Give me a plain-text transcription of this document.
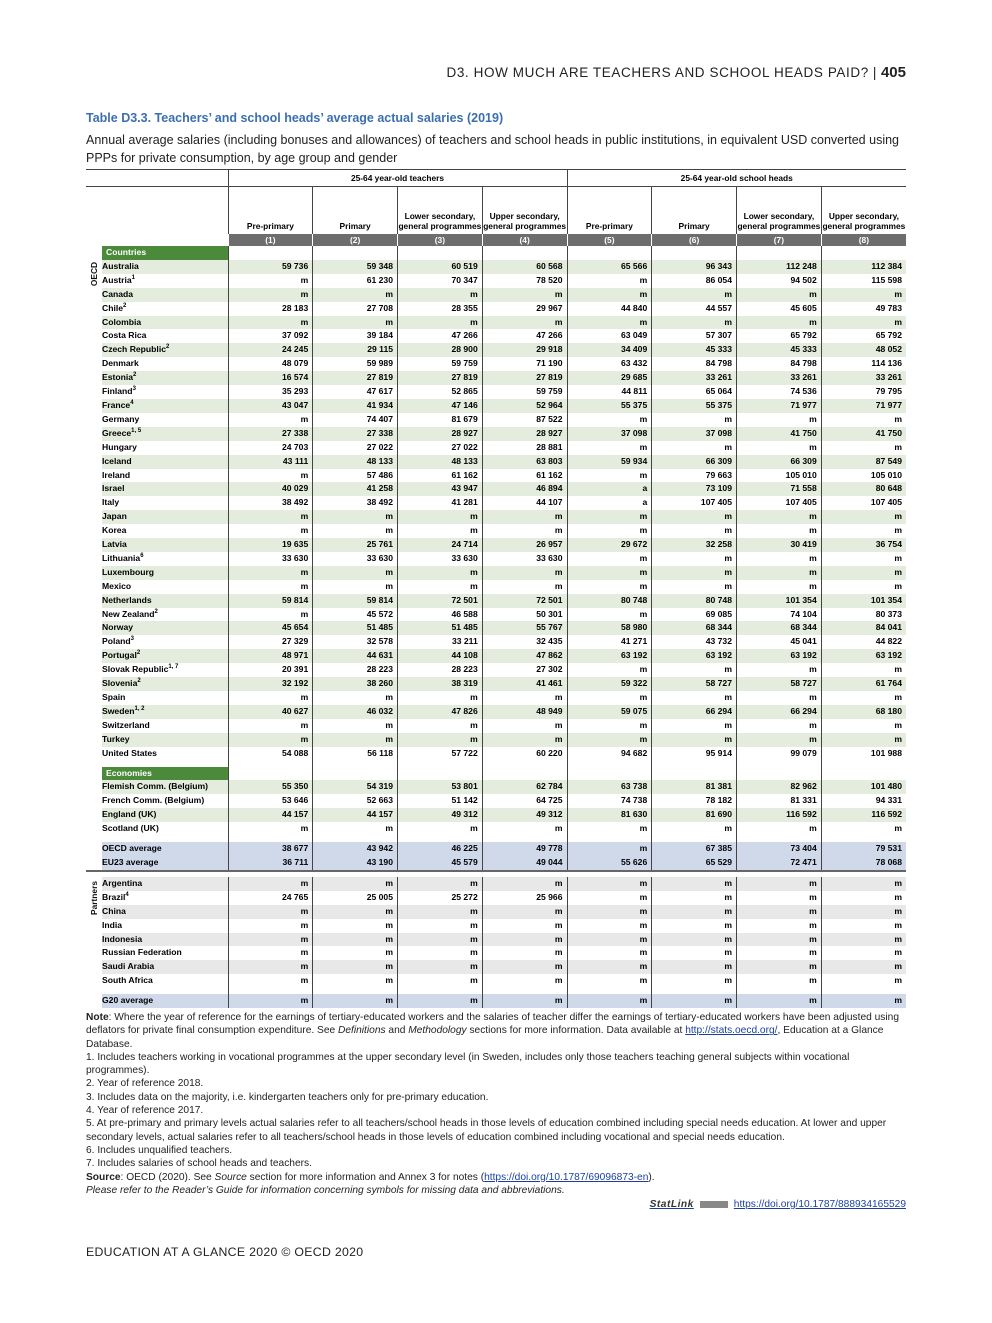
D3. HOW MUCH ARE TEACHERS AND SCHOOL HEADS PAID? | 405
Table D3.3. Teachers’ and school heads’ average actual salaries (2019)
Annual average salaries (including bonuses and allowances) of teachers and school heads in public institutions, in equivalent USD converted using PPPs for private consumption, by age group and gender
		25-64 year-old teachers				25-64 year-old school heads			
		Pre-primary	Primary	Lower secondary, general programmes	Upper secondary, general programmes	Pre-primary	Primary	Lower secondary, general programmes	Upper secondary, general programmes
		(1)	(2)	(3)	(4)	(5)	(6)	(7)	(8)
	Countries								
	Australia	59 736	59 348	60 519	60 568	65 566	96 343	112 248	112 384
	Austria$^1$	m	61 230	70 347	78 520	m	86 054	94 502	115 598
	Canada	m	m	m	m	m	m	m	m
	Chile$^2$	28 183	27 708	28 355	29 967	44 840	44 557	45 605	49 783
	Colombia	m	m	m	m	m	m	m	m
	Costa Rica	37 092	39 184	47 266	47 266	63 049	57 307	65 792	65 792
	Czech Republic$^2$	24 245	29 115	28 900	29 918	34 409	45 333	45 333	48 052
	Denmark	48 079	59 989	59 759	71 190	63 432	84 798	84 798	114 136
	Estonia$^2$	16 574	27 819	27 819	27 819	29 685	33 261	33 261	33 261
	Finland$^3$	35 293	47 617	52 865	59 759	44 811	65 064	74 536	79 795
	France$^4$	43 047	41 934	47 146	52 964	55 375	55 375	71 977	71 977
	Germany	m	74 407	81 679	87 522	m	m	m	m
	Greece$^{1, 5}$	27 338	27 338	28 927	28 927	37 098	37 098	41 750	41 750
	Hungary	24 703	27 022	27 022	28 881	m	m	m	m
	Iceland	43 111	48 133	48 133	63 803	59 934	66 309	66 309	87 549
	Ireland	m	57 486	61 162	61 162	m	79 663	105 010	105 010
	Israel	40 029	41 258	43 947	46 894	a	73 109	71 558	80 648
	Italy	38 492	38 492	41 281	44 107	a	107 405	107 405	107 405
	Japan	m	m	m	m	m	m	m	m
	Korea	m	m	m	m	m	m	m	m
	Latvia	19 635	25 761	24 714	26 957	29 672	32 258	30 419	36 754
	Lithuania$^6$	33 630	33 630	33 630	33 630	m	m	m	m
	Luxembourg	m	m	m	m	m	m	m	m
	Mexico	m	m	m	m	m	m	m	m
	Netherlands	59 814	59 814	72 501	72 501	80 748	80 748	101 354	101 354
	New Zealand$^2$	m	45 572	46 588	50 301	m	69 085	74 104	80 373
	Norway	45 654	51 485	51 485	55 767	58 980	68 344	68 344	84 041
	Poland$^3$	27 329	32 578	33 211	32 435	41 271	43 732	45 041	44 822
	Portugal$^2$	48 971	44 631	44 108	47 862	63 192	63 192	63 192	63 192
	Slovak Republic$^{1, 7}$	20 391	28 223	28 223	27 302	m	m	m	m
	Slovenia$^2$	32 192	38 260	38 319	41 461	59 322	58 727	58 727	61 764
	Spain	m	m	m	m	m	m	m	m
	Sweden$^{1, 2}$	40 627	46 032	47 826	48 949	59 075	66 294	66 294	68 180
	Switzerland	m	m	m	m	m	m	m	m
	Turkey	m	m	m	m	m	m	m	m
	United States	54 088	56 118	57 722	60 220	94 682	95 914	99 079	101 988

	Economies								
	Flemish Comm. (Belgium)	55 350	54 319	53 801	62 784	63 738	81 381	82 962	101 480
	French Comm. (Belgium)	53 646	52 663	51 142	64 725	74 738	78 182	81 331	94 331
	England (UK)	44 157	44 157	49 312	49 312	81 630	81 690	116 592	116 592
	Scotland (UK)	m	m	m	m	m	m	m	m

	OECD average	38 677	43 942	46 225	49 778	m	67 385	73 404	79 531
	EU23 average	36 711	43 190	45 579	49 044	55 626	65 529	72 471	78 068

	Argentina	m	m	m	m	m	m	m	m
	Brazil$^4$	24 765	25 005	25 272	25 966	m	m	m	m
	China	m	m	m	m	m	m	m	m
	India	m	m	m	m	m	m	m	m
	Indonesia	m	m	m	m	m	m	m	m
	Russian Federation	m	m	m	m	m	m	m	m
	Saudi Arabia	m	m	m	m	m	m	m	m
	South Africa	m	m	m	m	m	m	m	m

	G20 average	m	m	m	m	m	m	m	m
OECD
Partners

Note: Where the year of reference for the earnings of tertiary-educated workers and the salaries of teacher differ the earnings of tertiary-educated workers have been adjusted using deflators for private final consumption expenditure. See Definitions and Methodology sections for more information. Data available at http://stats.oecd.org/, Education at a Glance Database.

1. Includes teachers working in vocational programmes at the upper secondary level (in Sweden, includes only those teachers teaching general subjects within vocational programmes).

2. Year of reference 2018.

3. Includes data on the majority, i.e. kindergarten teachers only for pre-primary education.

4. Year of reference 2017.

5. At pre-primary and primary levels actual salaries refer to all teachers/school heads in those levels of education combined including special needs education. At lower and upper secondary levels, actual salaries refer to all teachers/school heads in those levels of education combined including vocational and special needs education.

6. Includes unqualified teachers.

7. Includes salaries of school heads and teachers.

Source: OECD (2020). See Source section for more information and Annex 3 for notes (https://doi.org/10.1787/69096873-en).

Please refer to the Reader’s Guide for information concerning symbols for missing data and abbreviations.

StatLink	https://doi.org/10.1787/888934165529
EDUCATION AT A GLANCE 2020 © OECD 2020
